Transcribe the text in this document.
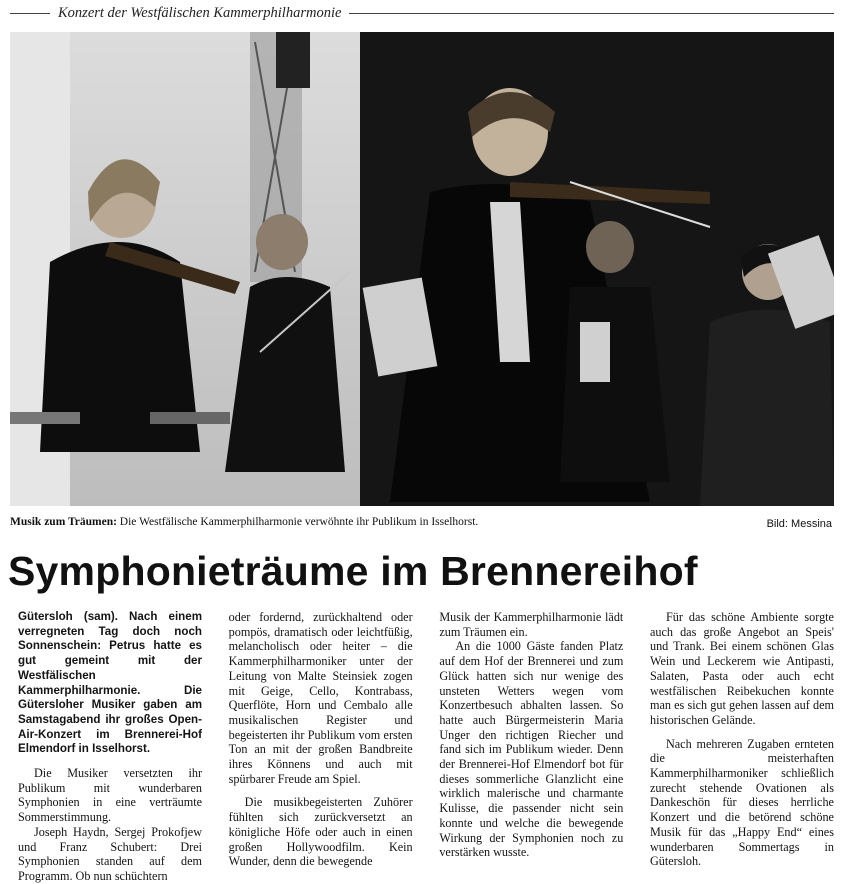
Konzert der Westfälischen Kammerphilharmonie
Musik zum Träumen: Die Westfälische Kammerphilharmonie verwöhnte ihr Publikum in Isselhorst.	Bild: Messina
Symphonieträume im Brennereihof

Gütersloh (sam). Nach einem verregneten Tag doch noch Sonnenschein: Petrus hatte es gut gemeint mit der Westfälischen Kammerphilharmonie. Die Gütersloher Musiker gaben am Samstagabend ihr großes Open-Air-Konzert im Brennerei-Hof Elmendorf in Isselhorst.

Die Musiker versetzten ihr Publikum mit wunderbaren Symphonien in eine verträumte Sommerstimmung.

Joseph Haydn, Sergej Prokofjew und Franz Schubert: Drei Symphonien standen auf dem Programm. Ob nun schüchtern

oder fordernd, zurückhaltend oder pompös, dramatisch oder leichtfüßig, melancholisch oder heiter – die Kammerphilharmoniker unter der Leitung von Malte Steinsiek zogen mit Geige, Cello, Kontrabass, Querflöte, Horn und Cembalo alle musikalischen Register und begeisterten ihr Publikum vom ersten Ton an mit der großen Bandbreite ihres Könnens und auch mit spürbarer Freude am Spiel.

Die musikbegeisterten Zuhörer fühlten sich zurückversetzt an königliche Höfe oder auch in einen großen Hollywoodfilm. Kein Wunder, denn die bewegende

Musik der Kammerphilharmonie lädt zum Träumen ein.

An die 1000 Gäste fanden Platz auf dem Hof der Brennerei und zum Glück hatten sich nur wenige des unsteten Wetters wegen vom Konzertbesuch abhalten lassen. So hatte auch Bürgermeisterin Maria Unger den richtigen Riecher und fand sich im Publikum wieder. Denn der Brennerei-Hof Elmendorf bot für dieses sommerliche Glanzlicht eine wirklich malerische und charmante Kulisse, die passender nicht sein konnte und welche die bewegende Wirkung der Symphonien noch zu verstärken wusste.

Für das schöne Ambiente sorgte auch das große Angebot an Speis' und Trank. Bei einem schönen Glas Wein und Leckerem wie Antipasti, Salaten, Pasta oder auch echt westfälischen Reibekuchen konnte man es sich gut gehen lassen auf dem historischen Gelände.

Nach mehreren Zugaben ernteten die meisterhaften Kammerphilharmoniker schließlich zurecht stehende Ovationen als Dankeschön für dieses herrliche Konzert und die betörend schöne Musik für das „Happy End“ eines wunderbaren Sommertags in Gütersloh.
